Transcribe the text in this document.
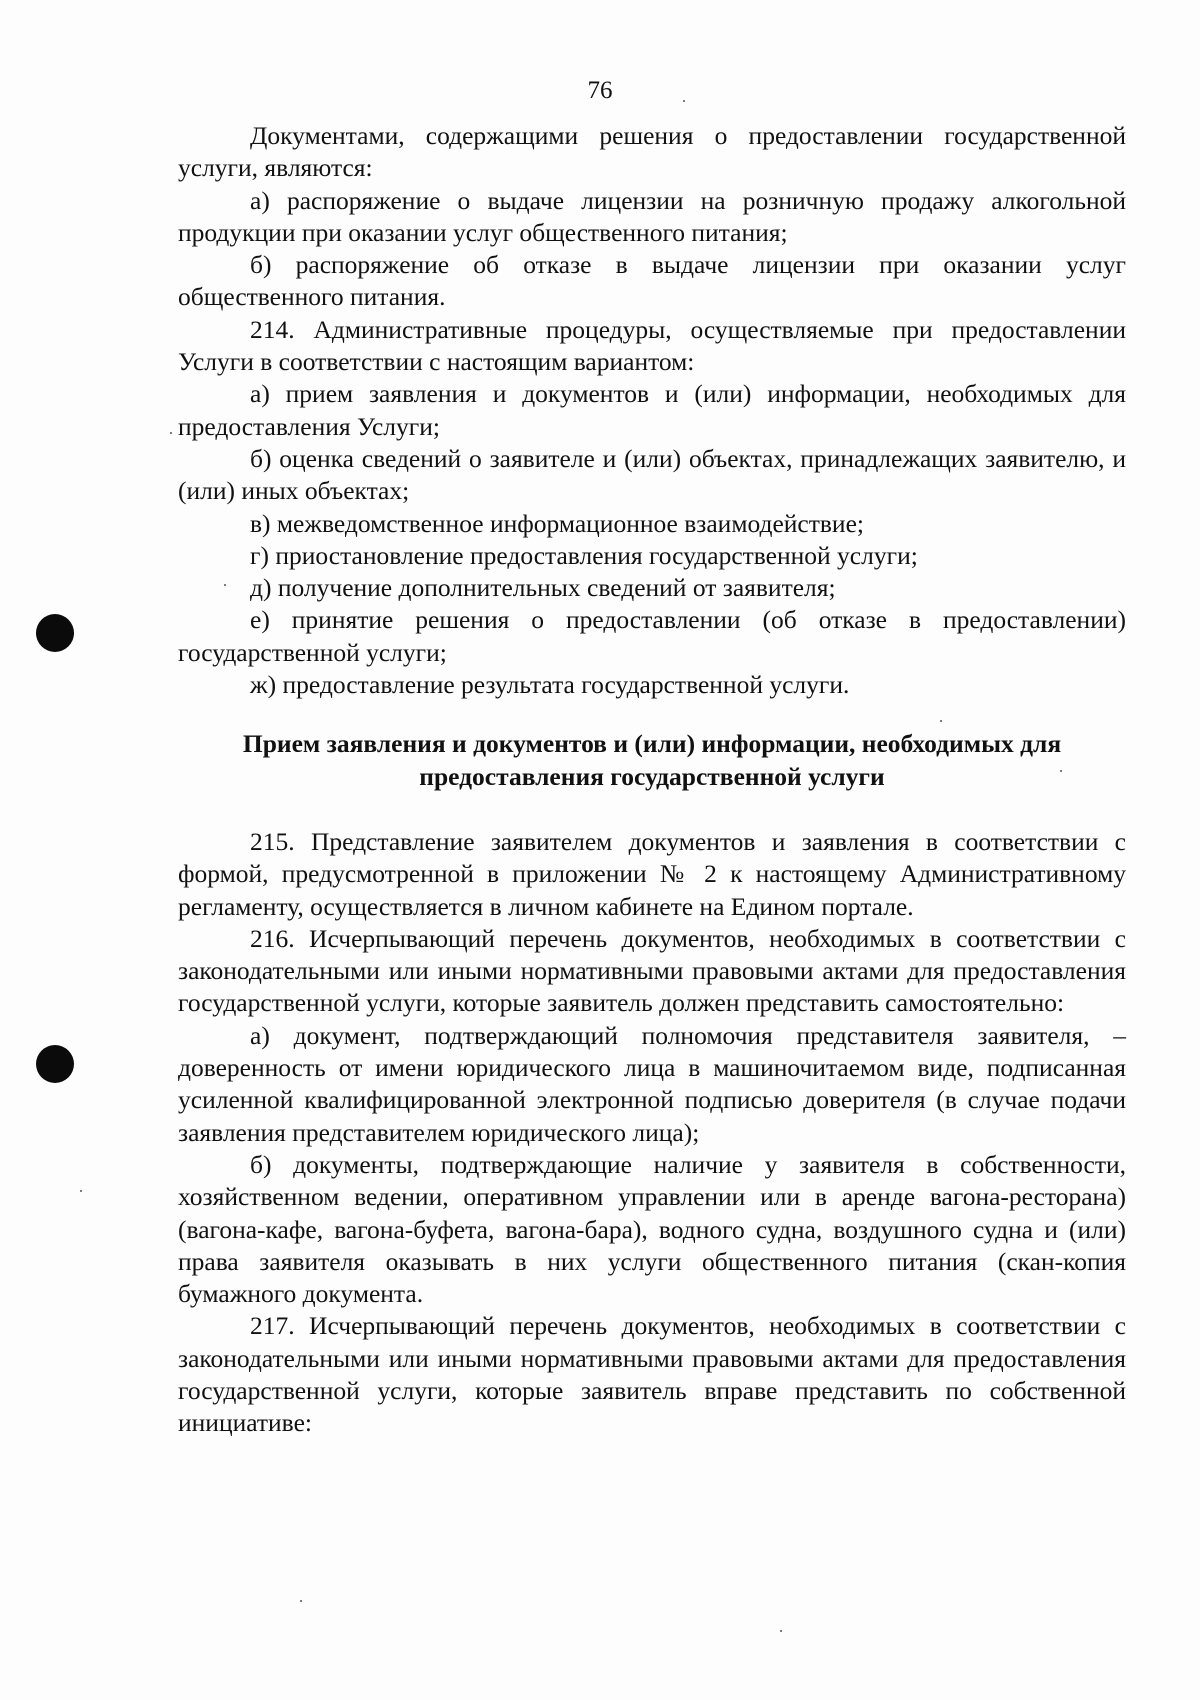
76

Документами, содержащими решения о предоставлении государственной услуги, являются:

а) распоряжение о выдаче лицензии на розничную продажу алкогольной продукции при оказании услуг общественного питания;

б) распоряжение об отказе в выдаче лицензии при оказании услуг общественного питания.

214. Административные процедуры, осуществляемые при предоставлении Услуги в соответствии с настоящим вариантом:

а) прием заявления и документов и (или) информации, необходимых для предоставления Услуги;

б) оценка сведений о заявителе и (или) объектах, принадлежащих заявителю, и (или) иных объектах;

в) межведомственное информационное взаимодействие;

г) приостановление предоставления государственной услуги;

д) получение дополнительных сведений от заявителя;

е) принятие решения о предоставлении (об отказе в предоставлении) государственной услуги;

ж) предоставление результата государственной услуги.

Прием заявления и документов и (или) информации, необходимых для

предоставления государственной услуги

215. Представление заявителем документов и заявления в соответствии с формой, предусмотренной в приложении № 2 к настоящему Административному регламенту, осуществляется в личном кабинете на Едином портале.

216. Исчерпывающий перечень документов, необходимых в соответствии с законодательными или иными нормативными правовыми актами для предоставления государственной услуги, которые заявитель должен представить самостоятельно:

а) документ, подтверждающий полномочия представителя заявителя, – доверенность от имени юридического лица в машиночитаемом виде, подписанная усиленной квалифицированной электронной подписью доверителя (в случае подачи заявления представителем юридического лица);

б) документы, подтверждающие наличие у заявителя в собственности, хозяйственном ведении, оперативном управлении или в аренде вагона-ресторана) (вагона-кафе, вагона-буфета, вагона-бара), водного судна, воздушного судна и (или) права заявителя оказывать в них услуги общественного питания (скан-копия бумажного документа.

217. Исчерпывающий перечень документов, необходимых в соответствии с законодательными или иными нормативными правовыми актами для предоставления государственной услуги, которые заявитель вправе представить по собственной инициативе:
